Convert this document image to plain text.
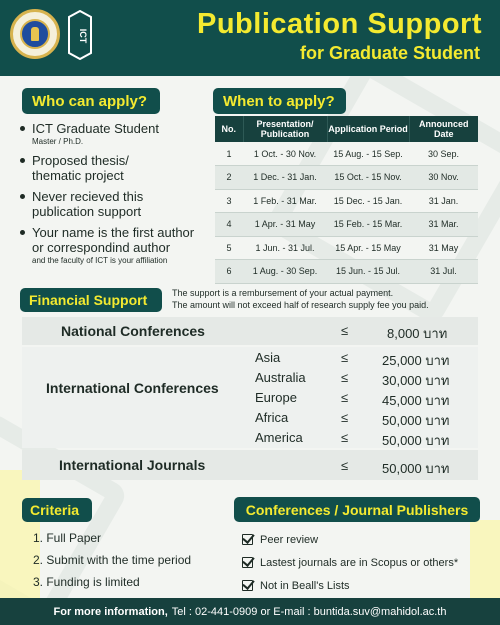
ICT	Publication Support
for Graduate Student
Who can apply?
ICT Graduate Student
Master / Ph.D.
Proposed thesis/ thematic project
Never recieved this publication support
Your name is the first author or correspondind author
and the faculty of ICT is your affiliation
When to apply?
No.	Presentation/ Publication	Application Period	Announced Date
1	1 Oct. - 30 Nov.	15 Aug. - 15 Sep.	30 Sep.
2	1 Dec. - 31 Jan.	15 Oct. - 15 Nov.	30 Nov.
3	1 Feb. - 31 Mar.	15 Dec. - 15 Jan.	31 Jan.
4	1 Apr. - 31 May	15 Feb. - 15 Mar.	31 Mar.
5	1 Jun. - 31 Jul.	15 Apr. - 15 May	31 May
6	1 Aug. - 30 Sep.	15 Jun. - 15 Jul.	31 Jul.
Financial Support	The support is a rembursement of your actual payment.
The amount will not exceed half of research supply fee you paid.
National Conferences	≤	8,000 บาท
International Conferences
Asia	≤	25,000 บาท
Australia	≤	30,000 บาท
Europe	≤	45,000 บาท
Africa	≤	50,000 บาท
America	≤	50,000 บาท
International Journals	≤	50,000 บาท
Criteria
1. Full Paper
2. Submit with the time period
3. Funding is limited
Conferences / Journal Publishers
Peer review
Lastest journals are in Scopus or others*
Not in Beall's Lists
For more information, Tel : 02-441-0909 or E-mail : buntida.suv@mahidol.ac.th
